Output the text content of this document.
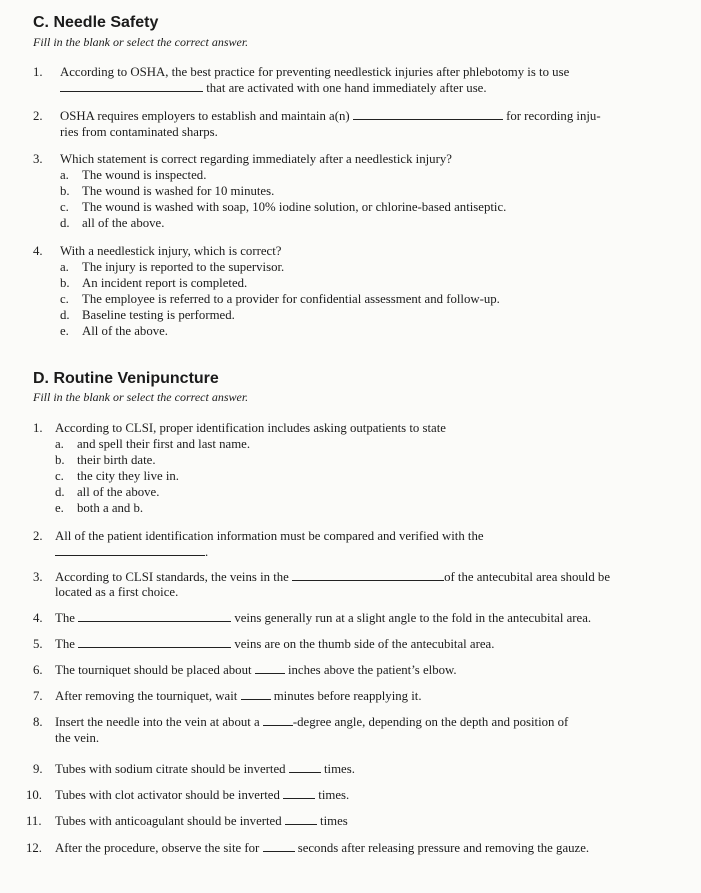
C. Needle Safety

Fill in the blank or select the correct answer.

1. According to OSHA, the best practice for preventing needlestick injuries after phlebotomy is to use
that are activated with one hand immediately after use.
2. OSHA requires employers to establish and maintain a(n)	for recording inju-
ries from contaminated sharps.
3. Which statement is correct regarding immediately after a needlestick injury?
a. The wound is inspected.
b. The wound is washed for 10 minutes.
c. The wound is washed with soap, 10% iodine solution, or chlorine-based antiseptic.
d. all of the above.
4. With a needlestick injury, which is correct?
a. The injury is reported to the supervisor.
b. An incident report is completed.
c. The employee is referred to a provider for confidential assessment and follow-up.
d. Baseline testing is performed.
e. All of the above.
D. Routine Venipuncture

Fill in the blank or select the correct answer.

1. According to CLSI, proper identification includes asking outpatients to state
a. and spell their first and last name.
b. their birth date.
c. the city they live in.
d. all of the above.
e. both a and b.
2. All of the patient identification information must be compared and verified with the
.
3. According to CLSI standards, the veins in the	of the antecubital area should be
located as a first choice.
4. The	veins generally run at a slight angle to the fold in the antecubital area.
5. The	veins are on the thumb side of the antecubital area.
6. The tourniquet should be placed about	inches above the patient’s elbow.
7. After removing the tourniquet, wait	minutes before reapplying it.
8. Insert the needle into the vein at about a	-degree angle, depending on the depth and position of
the vein.
9. Tubes with sodium citrate should be inverted	times.
10. Tubes with clot activator should be inverted	times.
11. Tubes with anticoagulant should be inverted	times
12. After the procedure, observe the site for	seconds after releasing pressure and removing the gauze.
